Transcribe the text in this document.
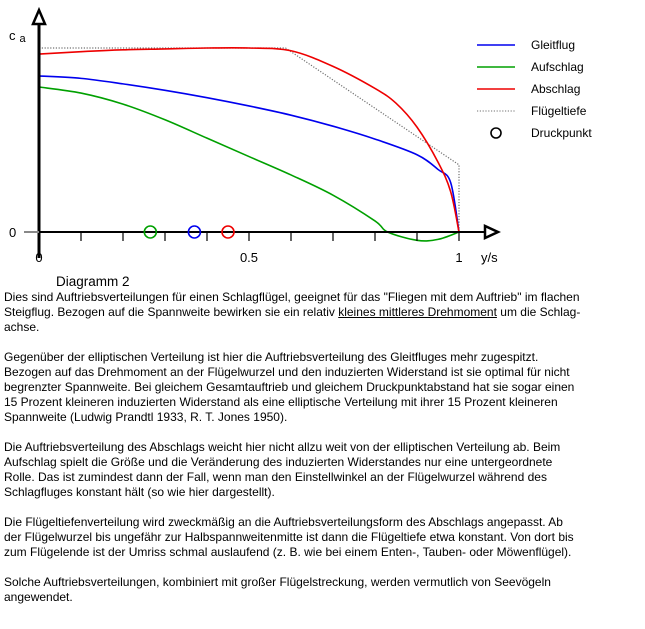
0	0.5	1
0
y/s
c a	Gleitflug
Aufschlag
Abschlag
Flügeltiefe
Druckpunkt
Diagramm 2

Dies sind Auftriebsverteilungen für einen Schlagflügel, geeignet für das "Fliegen mit dem Auftrieb" im flachen
Steigflug. Bezogen auf die Spannweite bewirken sie ein relativ kleines mittleres Drehmoment um die Schlag-
achse.

Gegenüber der elliptischen Verteilung ist hier die Auftriebsverteilung des Gleitfluges mehr zugespitzt.
Bezogen auf das Drehmoment an der Flügelwurzel und den induzierten Widerstand ist sie optimal für nicht
begrenzter Spannweite. Bei gleichem Gesamtauftrieb und gleichem Druckpunktabstand hat sie sogar einen
15 Prozent kleineren induzierten Widerstand als eine elliptische Verteilung mit ihrer 15 Prozent kleineren
Spannweite (Ludwig Prandtl 1933, R. T. Jones 1950).

Die Auftriebsverteilung des Abschlags weicht hier nicht allzu weit von der elliptischen Verteilung ab. Beim
Aufschlag spielt die Größe und die Veränderung des induzierten Widerstandes nur eine untergeordnete
Rolle. Das ist zumindest dann der Fall, wenn man den Einstellwinkel an der Flügelwurzel während des
Schlagfluges konstant hält (so wie hier dargestellt).

Die Flügeltiefenverteilung wird zweckmäßig an die Auftriebsverteilungsform des Abschlags angepasst. Ab
der Flügelwurzel bis ungefähr zur Halbspannweitenmitte ist dann die Flügeltiefe etwa konstant. Von dort bis
zum Flügelende ist der Umriss schmal auslaufend (z. B. wie bei einem Enten-, Tauben- oder Möwenflügel).

Solche Auftriebsverteilungen, kombiniert mit großer Flügelstreckung, werden vermutlich von Seevögeln
angewendet.
